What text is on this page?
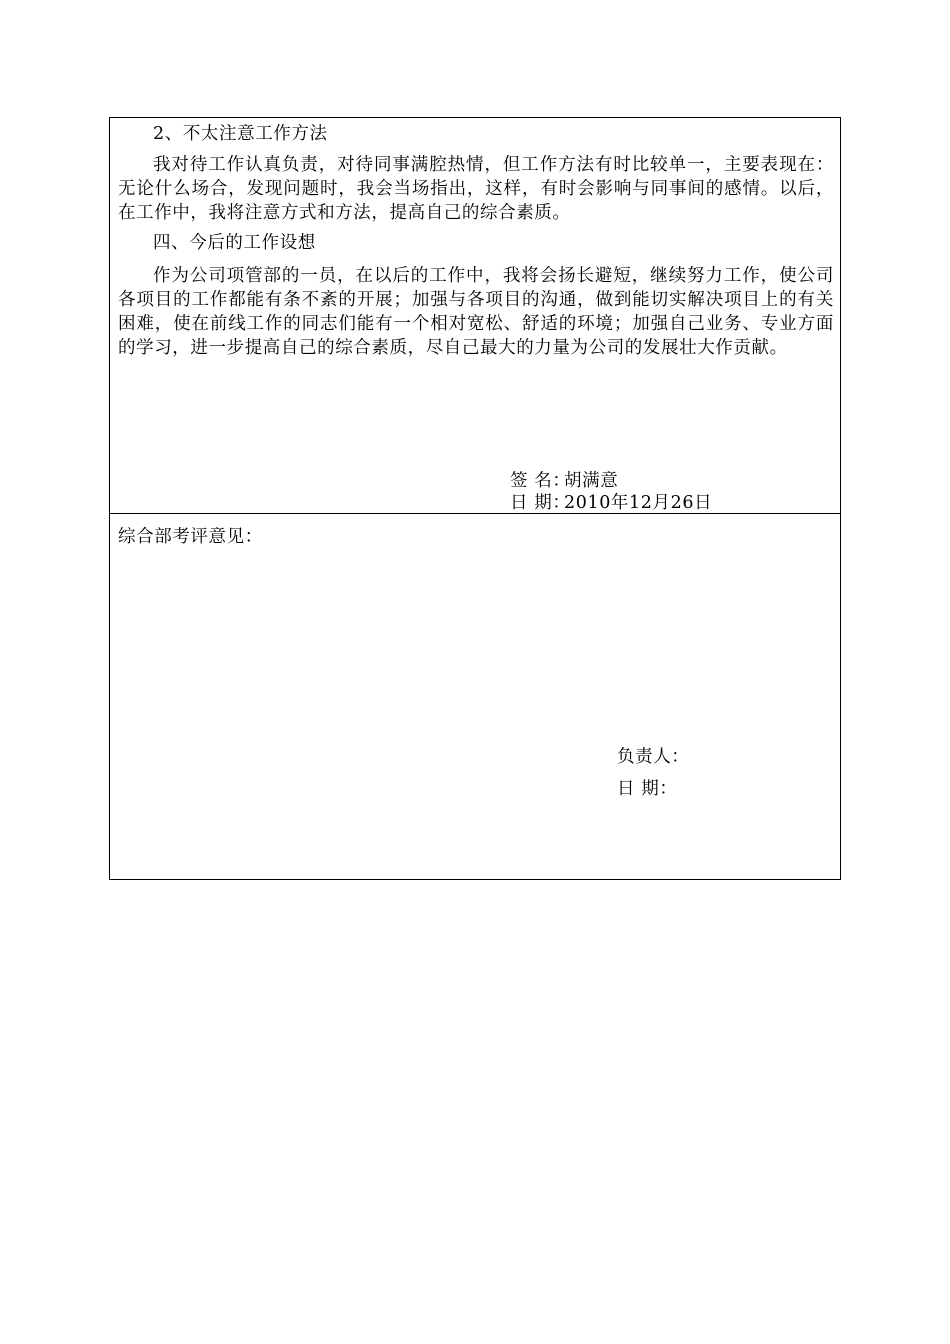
2、不太注意工作方法

我对待工作认真负责，对待同事满腔热情，但工作方法有时比较单一，主要表现在：无论什么场合，发现问题时，我会当场指出，这样，有时会影响与同事间的感情。以后，在工作中，我将注意方式和方法，提高自己的综合素质。

四、今后的工作设想

作为公司项管部的一员，在以后的工作中，我将会扬长避短，继续努力工作，使公司各项目的工作都能有条不紊的开展；加强与各项目的沟通，做到能切实解决项目上的有关困难，使在前线工作的同志们能有一个相对宽松、舒适的环境；加强自己业务、专业方面的学习，进一步提高自己的综合素质，尽自己最大的力量为公司的发展壮大作贡献。

签 名：胡满意

日 期：2010年12月26日

综合部考评意见：

负责人：

日 期：
